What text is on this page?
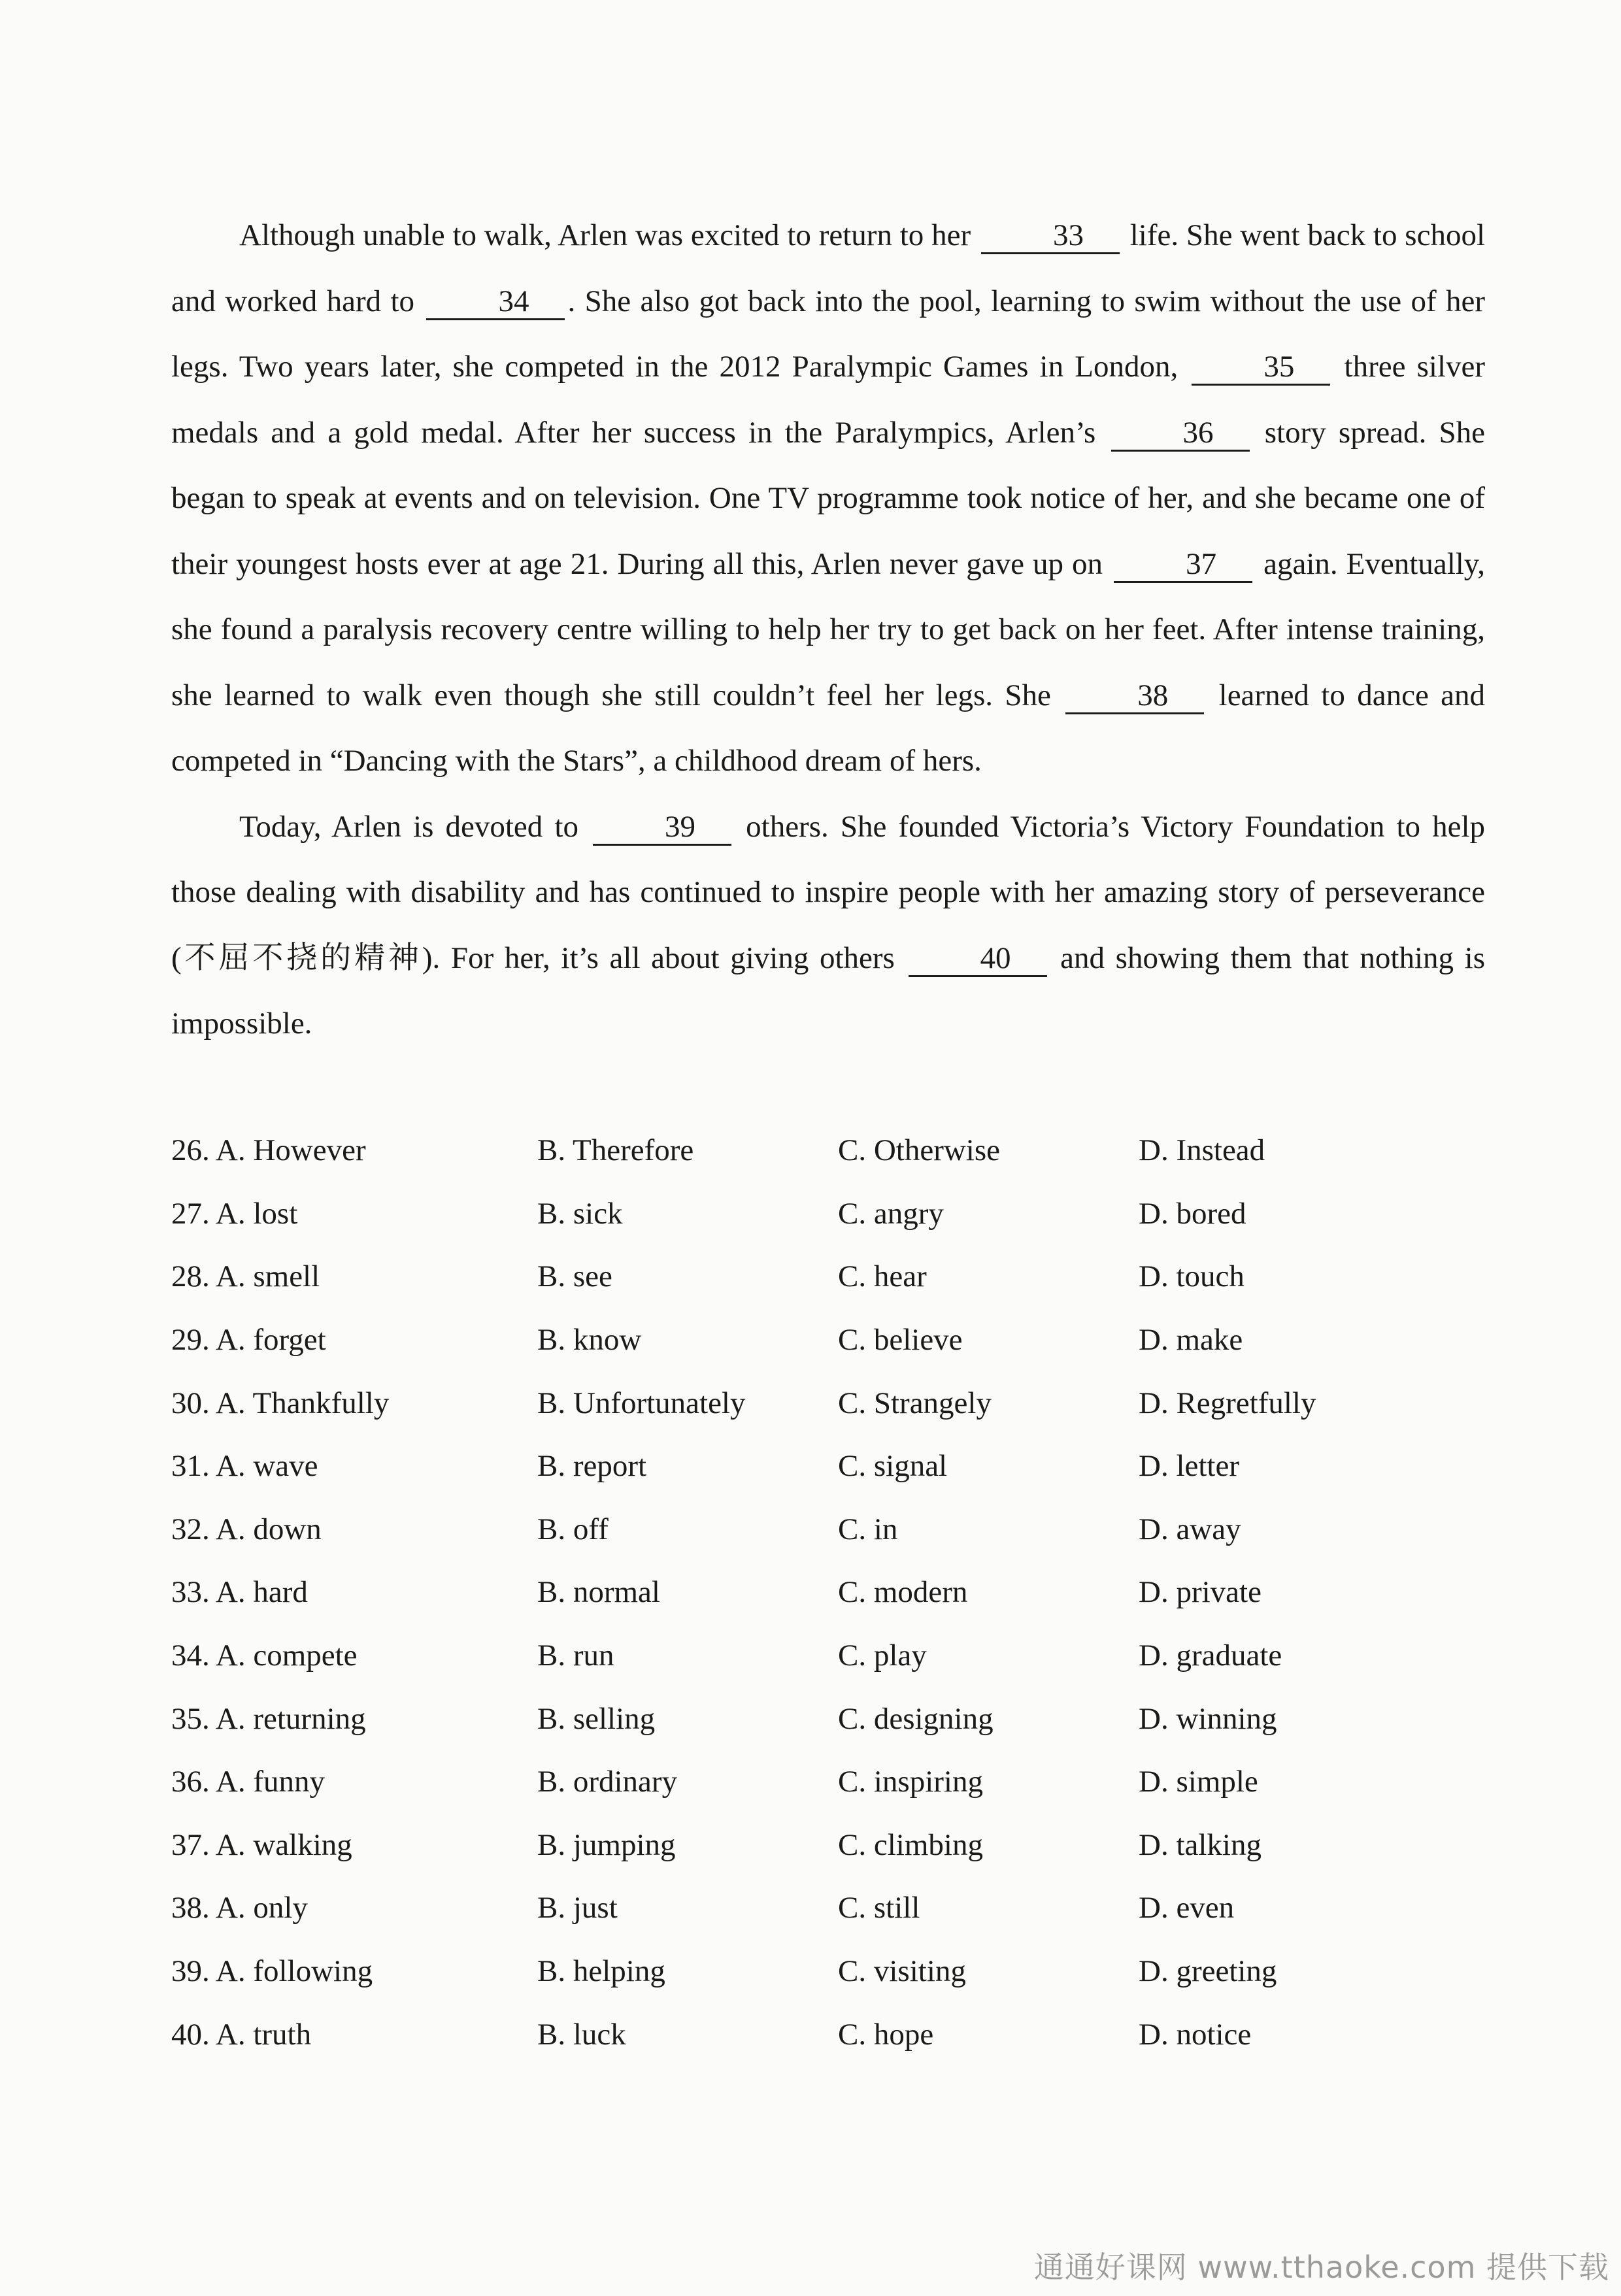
Although unable to walk, Arlen was excited to return to her	33 life. She went back to school and worked hard to	34 . She also got back into the pool, learning to swim without the use of her legs. Two years later, she competed in the 2012 Paralympic Games in London,	35 three silver medals and a gold medal. After her success in the Paralympics, Arlen’s	36 story spread. She began to speak at events and on television. One TV programme took notice of her, and she became one of their youngest hosts ever at age 21. During all this, Arlen never gave up on	37 again. Eventually, she found a paralysis recovery centre willing to help her try to get back on her feet. After intense training, she learned to walk even though she still couldn’t feel her legs. She	38 learned to dance and competed in “Dancing with the Stars”, a childhood dream of hers.

Today, Arlen is devoted to	39 others. She founded Victoria’s Victory Foundation to help those dealing with disability and has continued to inspire people with her amazing story of perseverance (不屈不挠的精神). For her, it’s all about giving others	40 and showing them that nothing is impossible.

26. A. However	B. Therefore	C. Otherwise	D. Instead
27. A. lost	B. sick	C. angry	D. bored
28. A. smell	B. see	C. hear	D. touch
29. A. forget	B. know	C. believe	D. make
30. A. Thankfully	B. Unfortunately	C. Strangely	D. Regretfully
31. A. wave	B. report	C. signal	D. letter
32. A. down	B. off	C. in	D. away
33. A. hard	B. normal	C. modern	D. private
34. A. compete	B. run	C. play	D. graduate
35. A. returning	B. selling	C. designing	D. winning
36. A. funny	B. ordinary	C. inspiring	D. simple
37. A. walking	B. jumping	C. climbing	D. talking
38. A. only	B. just	C. still	D. even
39. A. following	B. helping	C. visiting	D. greeting
40. A. truth	B. luck	C. hope	D. notice
通通好课网 www.tthaoke.com 提供下载
